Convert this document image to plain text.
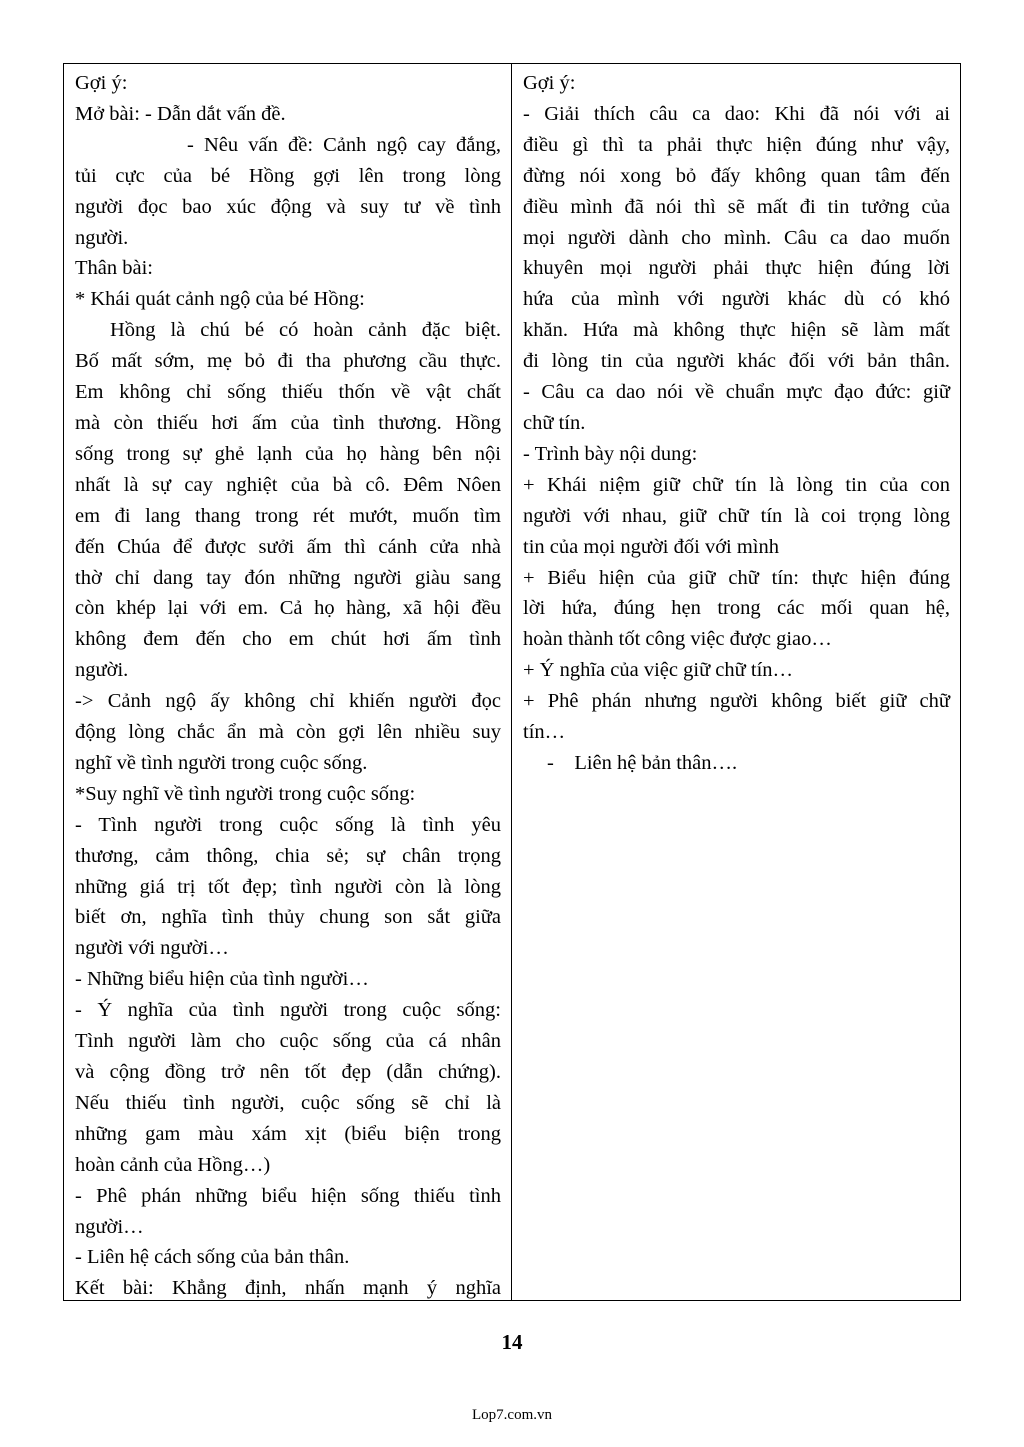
Gợi ý:
Mở bài: - Dẫn dắt vấn đề.
- Nêu vấn đề: Cảnh ngộ cay đắng,
tủi cực của bé Hồng gợi lên trong lòng
người đọc bao xúc động và suy tư về tình
người.
Thân bài:
* Khái quát cảnh ngộ của bé Hồng:
Hồng là chú bé có hoàn cảnh đặc biệt.
Bố mất sớm, mẹ bỏ đi tha phương cầu thực.
Em không chỉ sống thiếu thốn về vật chất
mà còn thiếu hơi ấm của tình thương. Hồng
sống trong sự ghẻ lạnh của họ hàng bên nội
nhất là sự cay nghiệt của bà cô. Đêm Nôen
em đi lang thang trong rét mướt, muốn tìm
đến Chúa để được sưởi ấm thì cánh cửa nhà
thờ chỉ dang tay đón những người giàu sang
còn khép lại với em. Cả họ hàng, xã hội đều
không đem đến cho em chút hơi ấm tình
người.
-> Cảnh ngộ ấy không chỉ khiến người đọc
động lòng chắc ẩn mà còn gợi lên nhiều suy
nghĩ về tình người trong cuộc sống.
*Suy nghĩ về tình người trong cuộc sống:
- Tình người trong cuộc sống là tình yêu
thương, cảm thông, chia sẻ; sự chân trọng
những giá trị tốt đẹp; tình người còn là lòng
biết ơn, nghĩa tình thủy chung son sắt giữa
người với người…
- Những biểu hiện của tình người…
- Ý nghĩa của tình người trong cuộc sống:
Tình người làm cho cuộc sống của cá nhân
và cộng đồng trở nên tốt đẹp (dẫn chứng).
Nếu thiếu tình người, cuộc sống sẽ chỉ là
những gam màu xám xịt (biểu biện trong
hoàn cảnh của Hồng…)
- Phê phán những biểu hiện sống thiếu tình
người…
- Liên hệ cách sống của bản thân.
Kết bài: Khẳng định, nhấn mạnh ý nghĩa
Gợi ý:
- Giải thích câu ca dao: Khi đã nói với ai
điều gì thì ta phải thực hiện đúng như vậy,
đừng nói xong bỏ đấy không quan tâm đến
điều mình đã nói thì sẽ mất đi tin tưởng của
mọi người dành cho mình. Câu ca dao muốn
khuyên mọi người phải thực hiện đúng lời
hứa của mình với người khác dù có khó
khăn. Hứa mà không thực hiện sẽ làm mất
đi lòng tin của người khác đối với bản thân.
- Câu ca dao nói về chuẩn mực đạo đức: giữ
chữ tín.
- Trình bày nội dung:
+ Khái niệm giữ chữ tín là lòng tin của con
người với nhau, giữ chữ tín là coi trọng lòng
tin của mọi người đối với mình
+ Biểu hiện của giữ chữ tín: thực hiện đúng
lời hứa, đúng hẹn trong các mối quan hệ,
hoàn thành tốt công việc được giao…
+ Ý nghĩa của việc giữ chữ tín…
+ Phê phán nhưng người không biết giữ chữ
tín…
-    Liên hệ bản thân….
14
Lop7.com.vn
